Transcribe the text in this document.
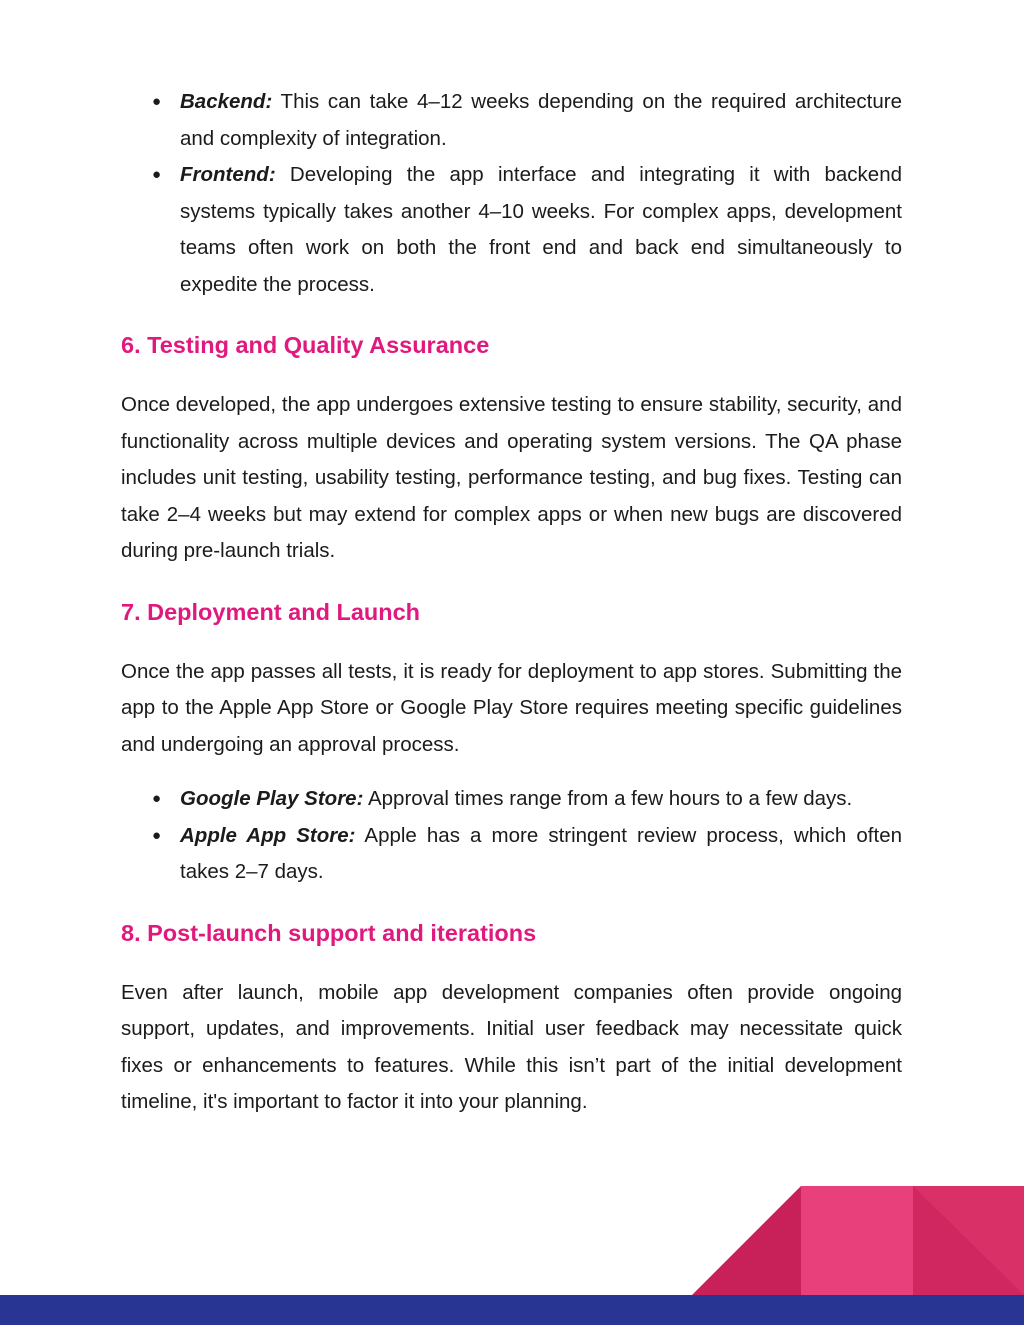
● Backend: This can take 4–12 weeks depending on the required architecture and complexity of integration.
● Frontend: Developing the app interface and integrating it with backend systems typically takes another 4–10 weeks. For complex apps, development teams often work on both the front end and back end simultaneously to expedite the process.
6. Testing and Quality Assurance

Once developed, the app undergoes extensive testing to ensure stability, security, and functionality across multiple devices and operating system versions. The QA phase includes unit testing, usability testing, performance testing, and bug fixes. Testing can take 2–4 weeks but may extend for complex apps or when new bugs are discovered during pre-launch trials.

7. Deployment and Launch

Once the app passes all tests, it is ready for deployment to app stores. Submitting the app to the Apple App Store or Google Play Store requires meeting specific guidelines and undergoing an approval process.

● Google Play Store: Approval times range from a few hours to a few days.
● Apple App Store: Apple has a more stringent review process, which often takes 2–7 days.
8. Post-launch support and iterations

Even after launch, mobile app development companies often provide ongoing support, updates, and improvements. Initial user feedback may necessitate quick fixes or enhancements to features. While this isn’t part of the initial development timeline, it's important to factor it into your planning.
